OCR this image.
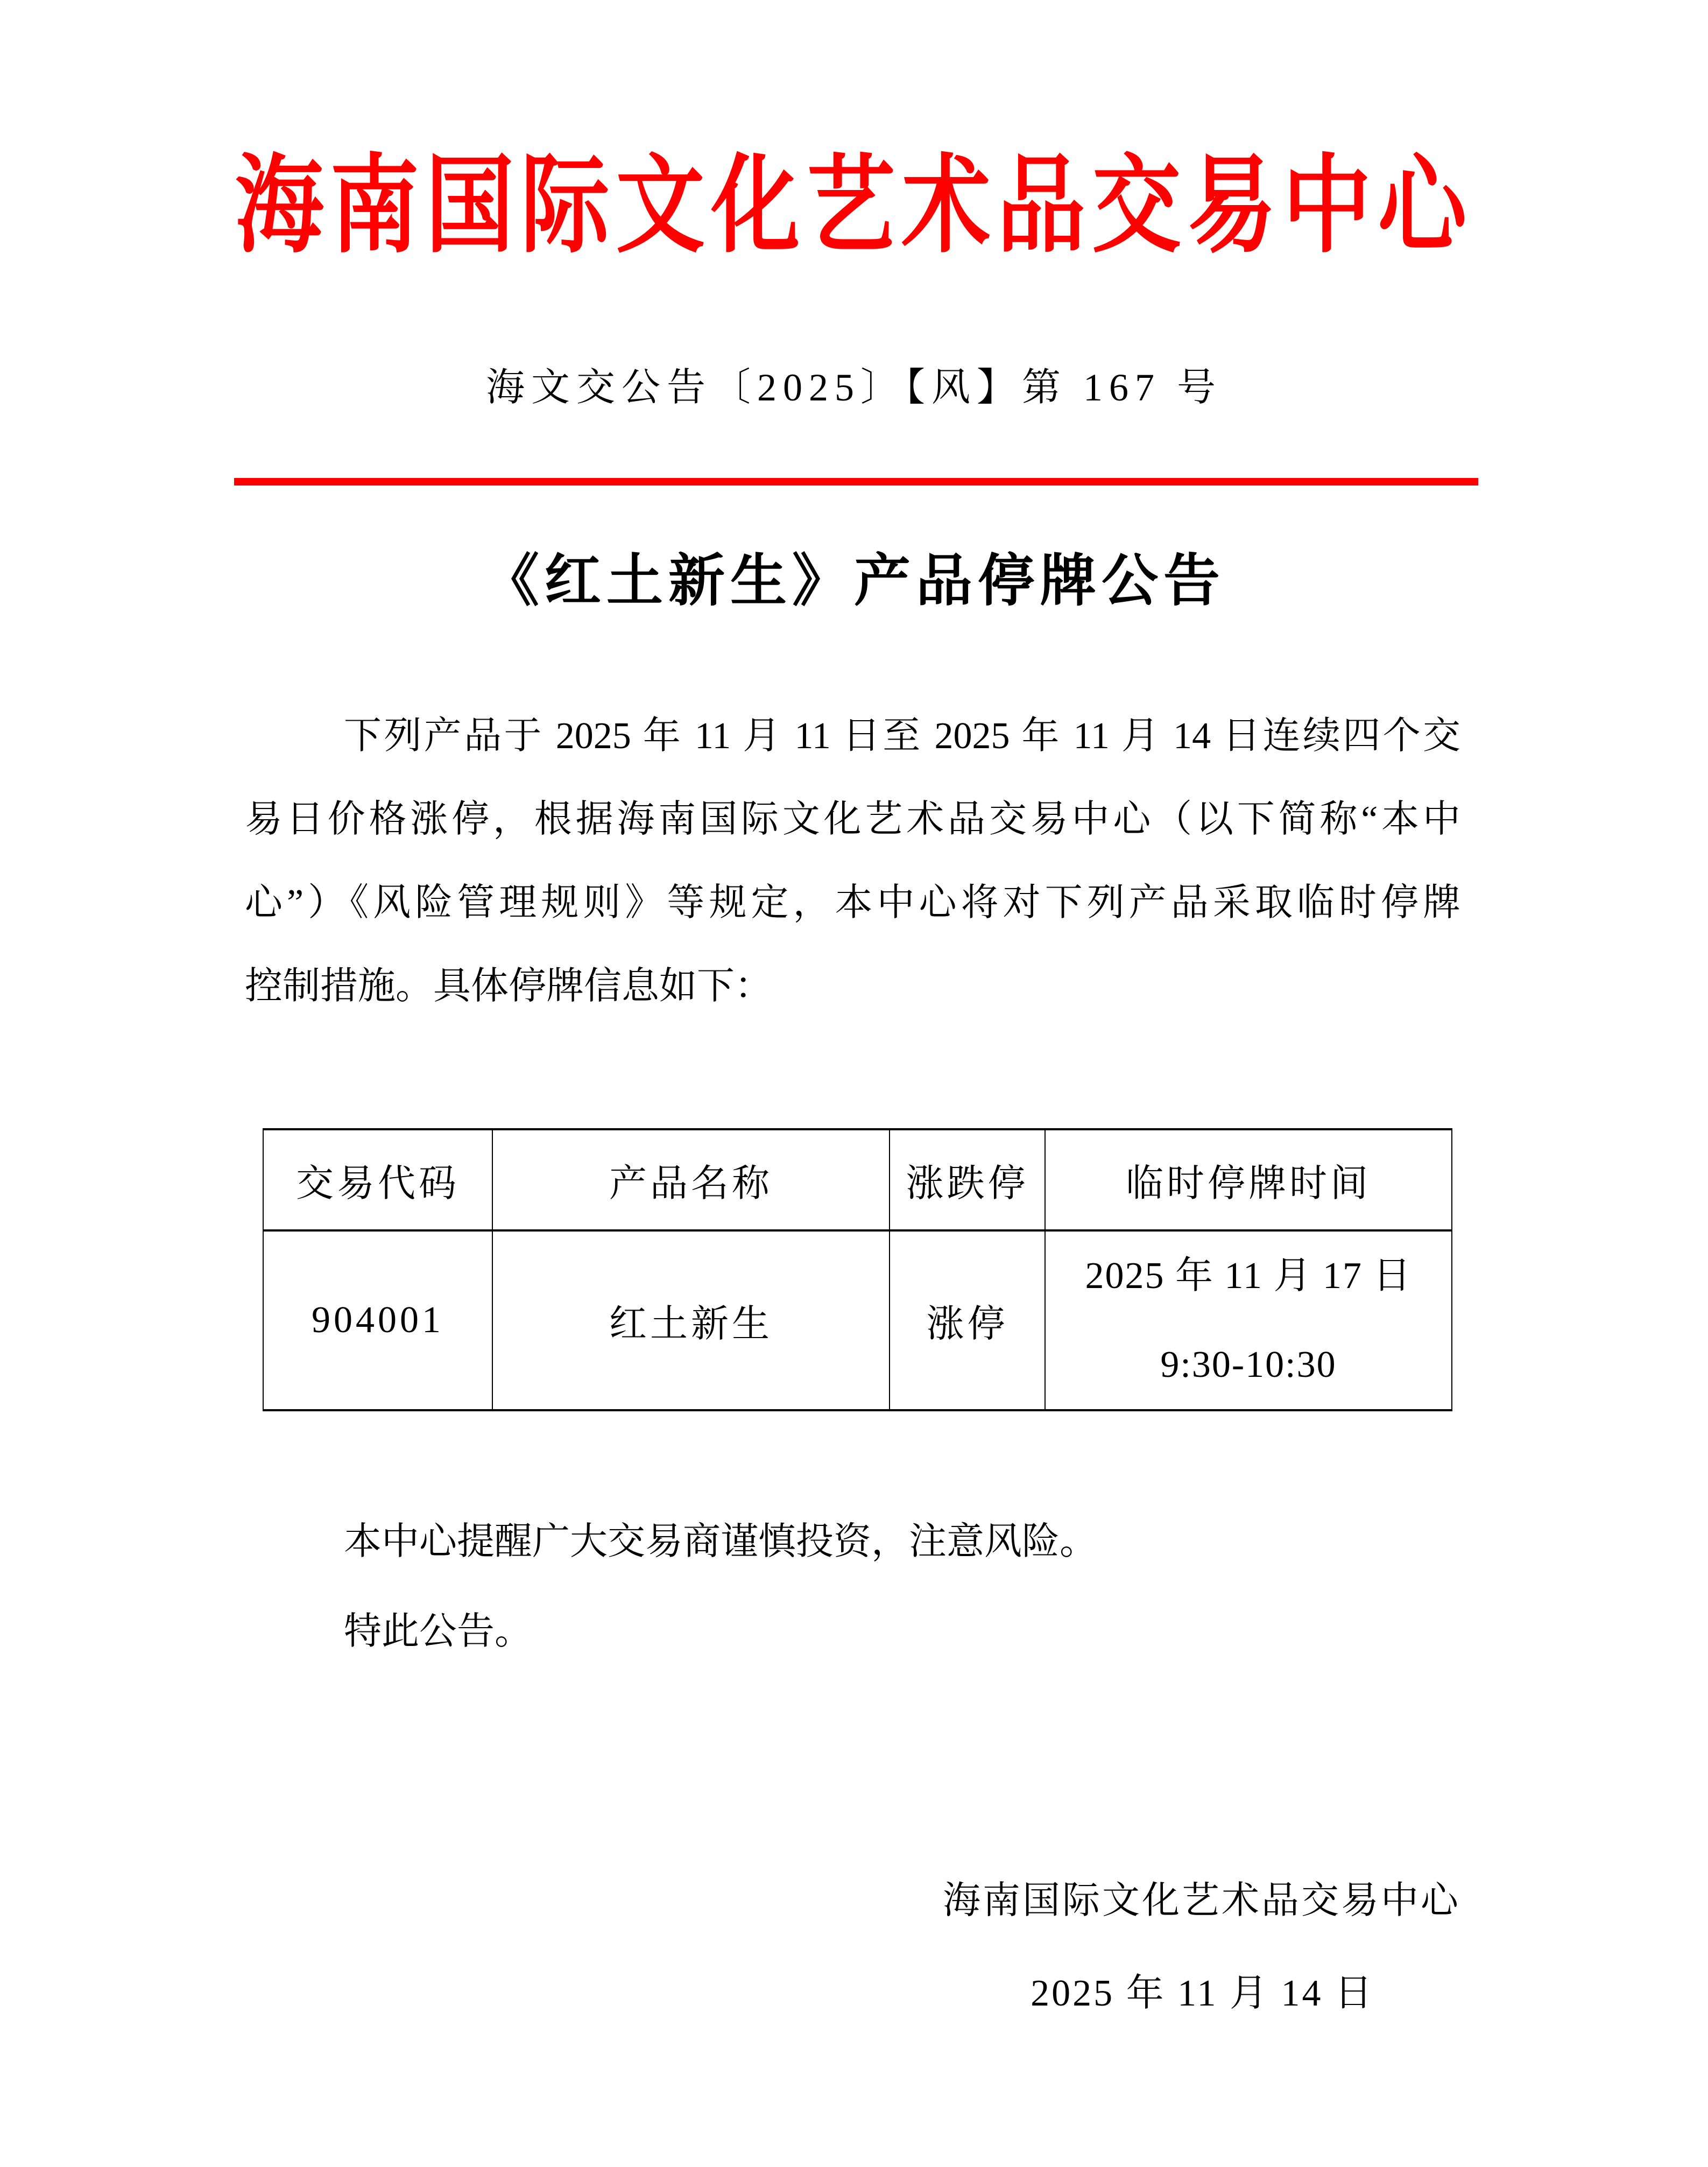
海南国际文化艺术品交易中心
海文交公告〔2025〕【风】第 167 号
《红土新生》产品停牌公告
下列产品于 2025 年 11 月 11 日至 2025 年 11 月 14 日连续四个交
易日价格涨停，根据海南国际文化艺术品交易中心（以下简称“本中
心”）《风险管理规则》等规定，本中心将对下列产品采取临时停牌
控制措施。具体停牌信息如下：
交易代码	产品名称	涨跌停	临时停牌时间
904001	红土新生	涨停	2025 年 11 月 17 日
9:30-10:30
本中心提醒广大交易商谨慎投资，注意风险。
特此公告。
海南国际文化艺术品交易中心
2025 年 11 月 14 日
